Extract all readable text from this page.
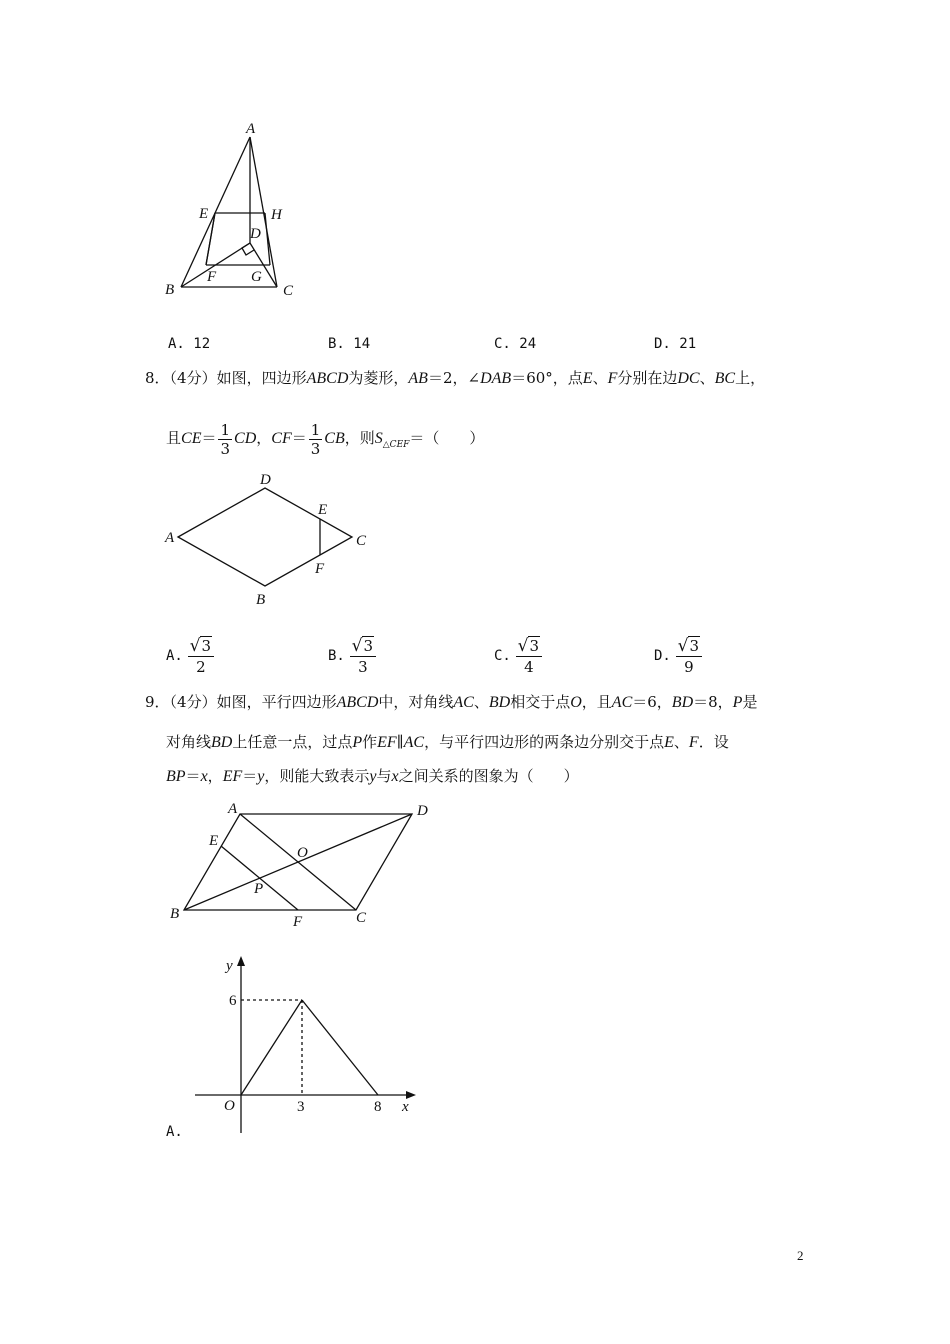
A
E	H
D
F G
B	C
A. 12	B. 14	C. 24	D. 21
8．（4分）如图，四边形ABCD为菱形，AB＝2，∠DAB＝60°，点E、F分别在边DC、BC上，
且$CE= \frac{1}{3}$ CD，$CF= \frac{1}{3}$ CB，则$S_{\triangle CEF}=$（　　）
A
D
E
C
F
B
A. $\frac{√3}{2}$	B. $\frac{√3}{3}$	C. $\frac{√3}{4}$	D. $\frac{√3}{9}$
9．（4分）如图，平行四边形ABCD中，对角线AC、BD相交于点O，且AC＝6，BD＝8，P是
对角线BD上任意一点，过点P作EF∥AC，与平行四边形的两条边分别交于点E、F．设
BP＝x，EF＝y，则能大致表示y与x之间关系的图象为（　　）
A	D
E
O
P
B	F	C
y
x
O
6
3	8
A.
2
